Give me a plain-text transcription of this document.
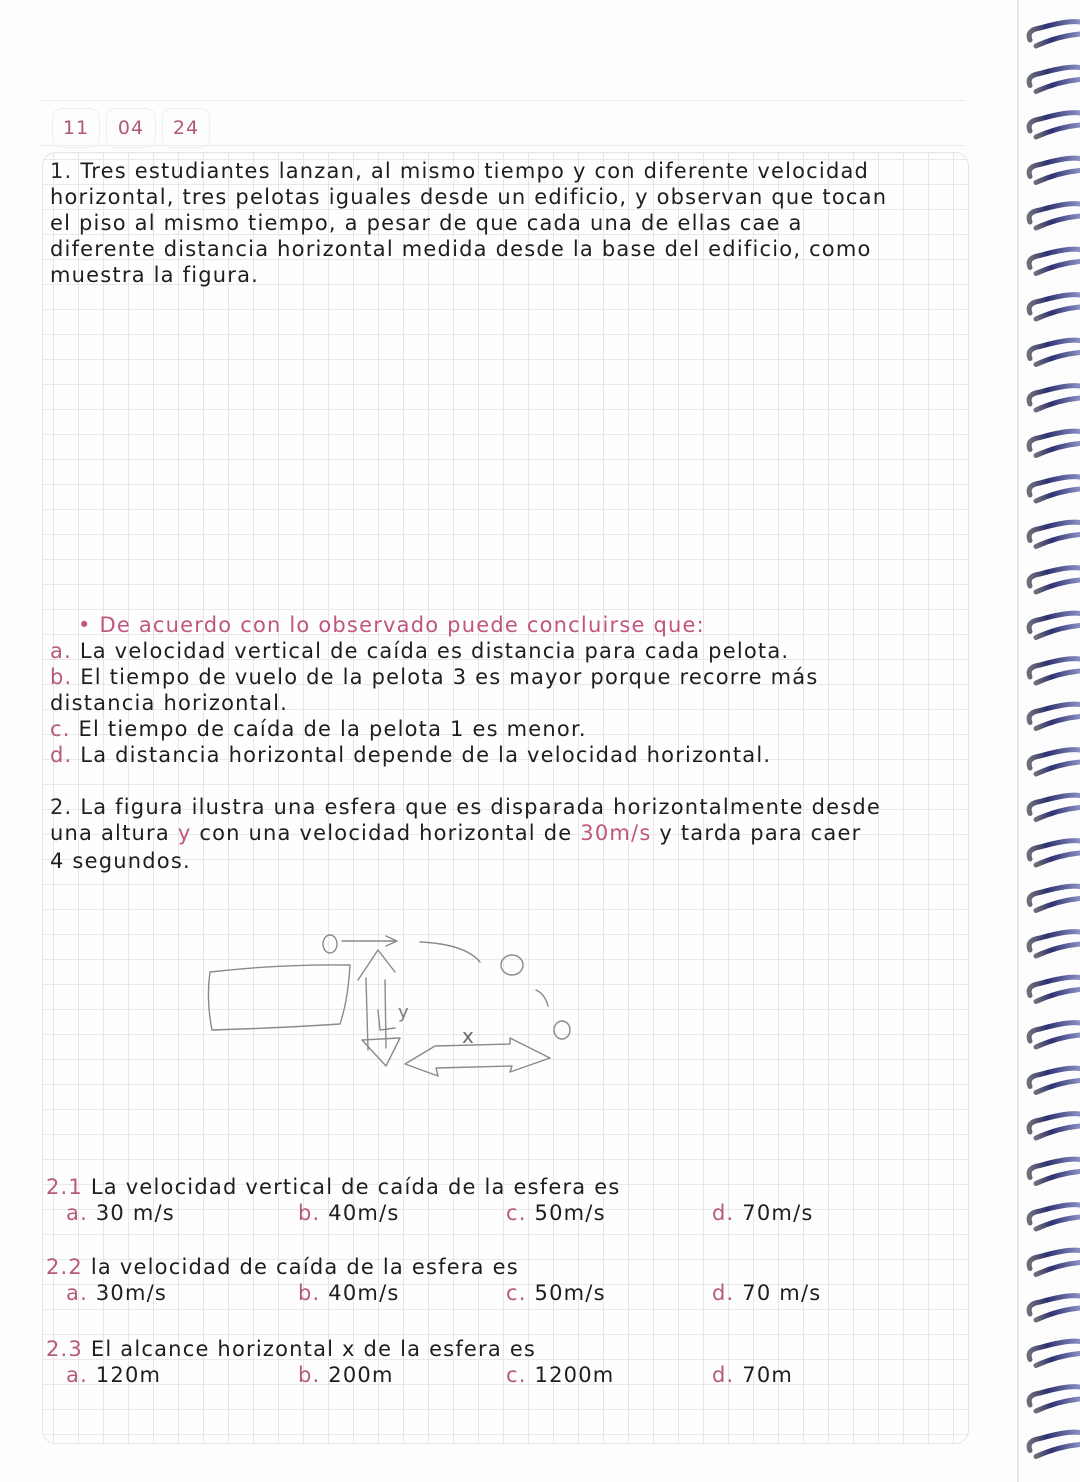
11	04	24
1. Tres estudiantes lanzan, al mismo tiempo y con diferente velocidad
horizontal, tres pelotas iguales desde un edificio, y observan que tocan
el piso al mismo tiempo, a pesar de que cada una de ellas cae a
diferente distancia horizontal medida desde la base del edificio, como
muestra la figura.
• De acuerdo con lo observado puede concluirse que:
a. La velocidad vertical de caída es distancia para cada pelota.
b. El tiempo de vuelo de la pelota 3 es mayor porque recorre más
distancia horizontal.
c. El tiempo de caída de la pelota 1 es menor.
d. La distancia horizontal depende de la velocidad horizontal.
2. La figura ilustra una esfera que es disparada horizontalmente desde
una altura y con una velocidad horizontal de 30m/s y tarda para caer
4 segundos.
y
x
2.1 La velocidad vertical de caída de la esfera es
a. 30 m/s	b. 40m/s	c. 50m/s	d. 70m/s
2.2 la velocidad de caída de la esfera es
a. 30m/s	b. 40m/s	c. 50m/s	d. 70 m/s
2.3 El alcance horizontal x de la esfera es
a. 120m	b. 200m	c. 1200m	d. 70m
